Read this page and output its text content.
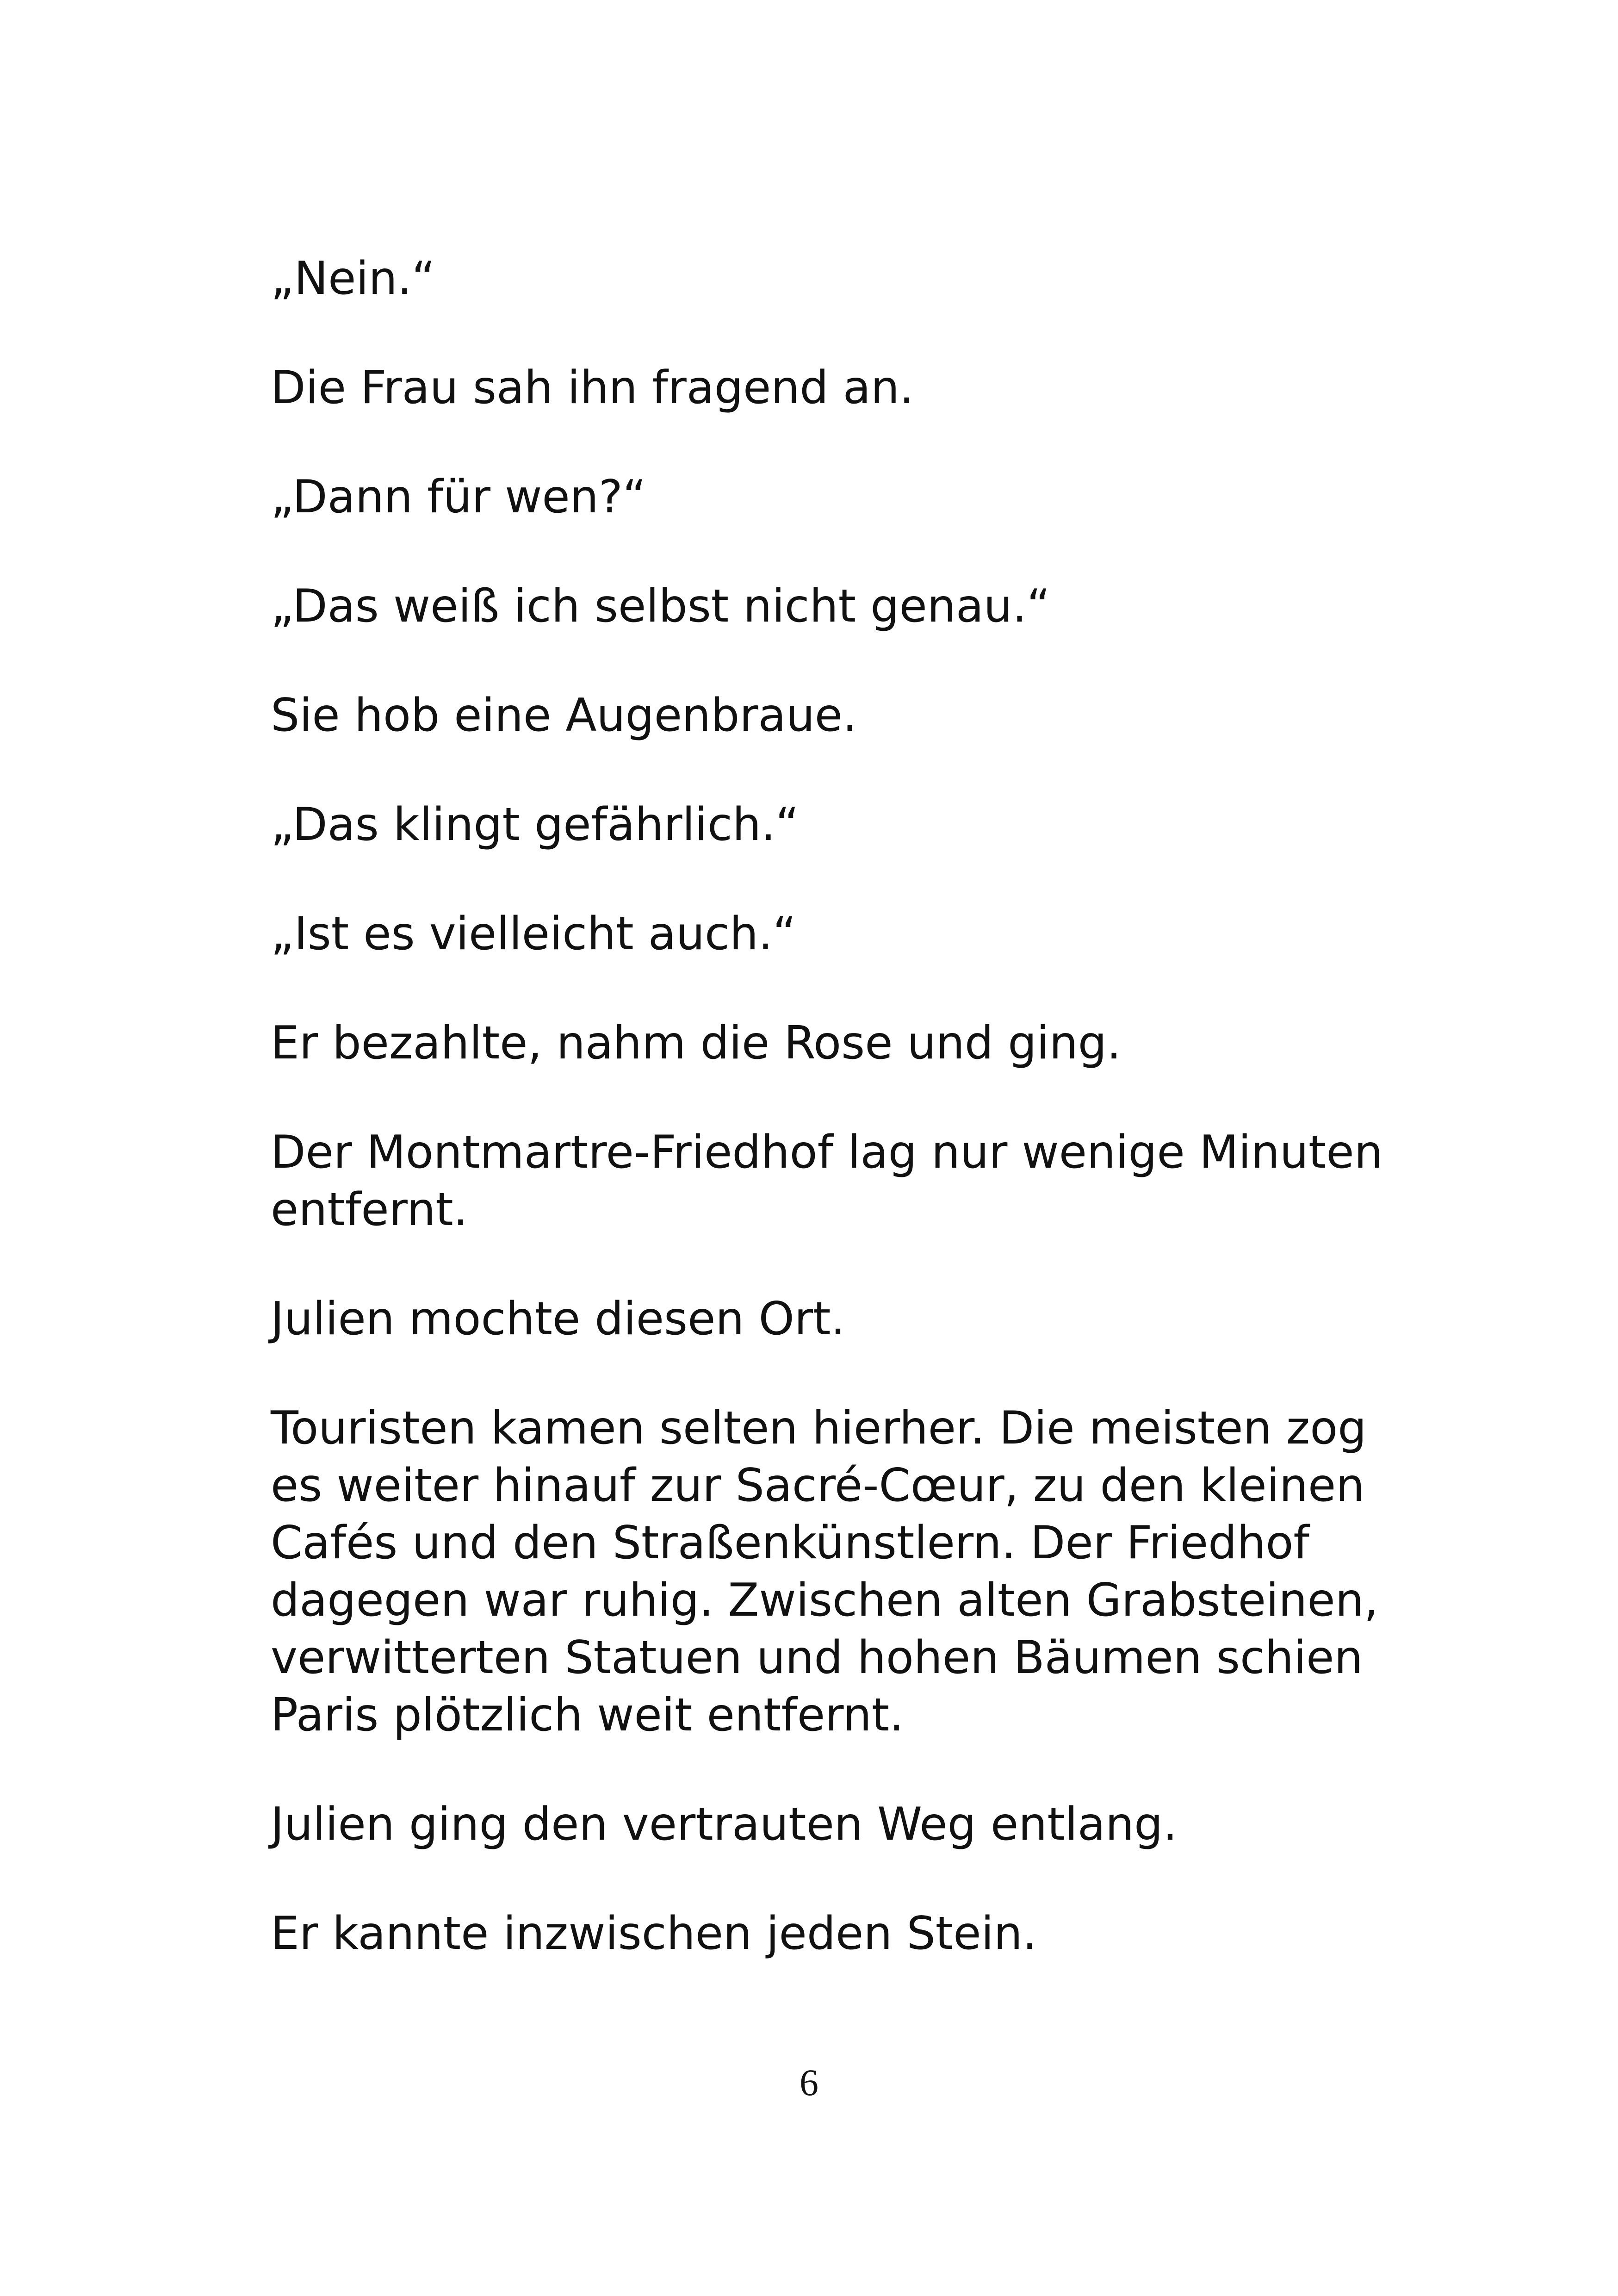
„Nein.“

Die Frau sah ihn fragend an.

„Dann für wen?“

„Das weiß ich selbst nicht genau.“

Sie hob eine Augenbraue.

„Das klingt gefährlich.“

„Ist es vielleicht auch.“

Er bezahlte, nahm die Rose und ging.

Der Montmartre-Friedhof lag nur wenige Minuten entfernt.

Julien mochte diesen Ort.

Touristen kamen selten hierher. Die meisten zog es weiter hinauf zur Sacré-Cœur, zu den kleinen Cafés und den Straßenkünstlern. Der Friedhof dagegen war ruhig. Zwischen alten Grabsteinen, verwitterten Statuen und hohen Bäumen schien Paris plötzlich weit entfernt.

Julien ging den vertrauten Weg entlang.

Er kannte inzwischen jeden Stein.

6
